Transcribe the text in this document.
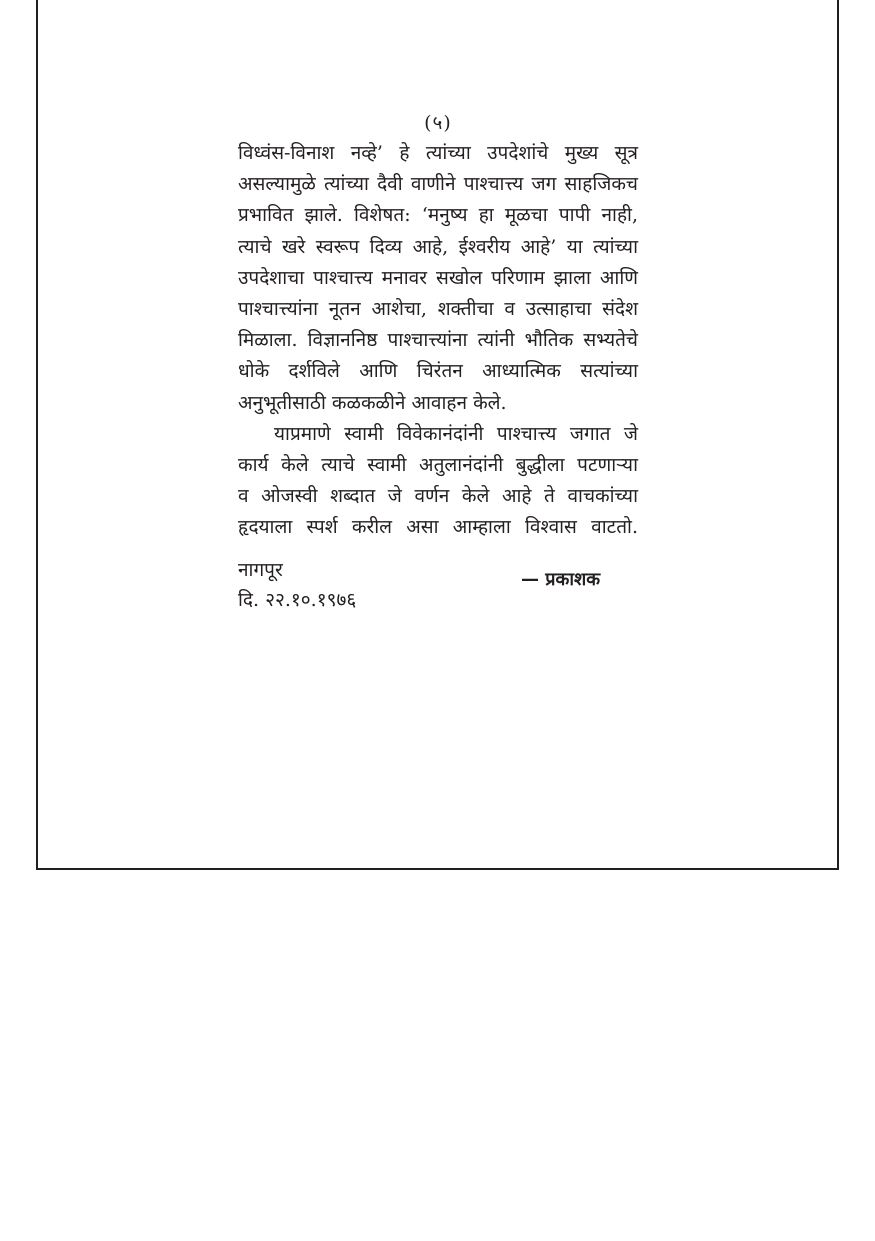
(५)
विध्वंस-विनाश नव्हे’ हे त्यांच्या उपदेशांचे मुख्य सूत्र
असल्यामुळे त्यांच्या दैवी वाणीने पाश्चात्त्य जग साहजिकच
प्रभावित झाले. विशेषत: ‘मनुष्य हा मूळचा पापी नाही,
त्याचे खरे स्वरूप दिव्य आहे, ईश्वरीय आहे’ या त्यांच्या
उपदेशाचा पाश्चात्त्य मनावर सखोल परिणाम झाला आणि
पाश्चात्त्यांना नूतन आशेचा, शक्तीचा व उत्साहाचा संदेश
मिळाला. विज्ञाननिष्ठ पाश्चात्त्यांना त्यांनी भौतिक सभ्यतेचे
धोके दर्शविले आणि चिरंतन आध्यात्मिक सत्यांच्या
अनुभूतीसाठी कळकळीने आवाहन केले.
याप्रमाणे स्वामी विवेकानंदांनी पाश्चात्त्य जगात जे
कार्य केले त्याचे स्वामी अतुलानंदांनी बुद्धीला पटणाऱ्या
व ओजस्वी शब्दात जे वर्णन केले आहे ते वाचकांच्या
हृदयाला स्पर्श करील असा आम्हाला विश्वास वाटतो.
नागपूर
दि. २२.१०.१९७६
— प्रकाशक
